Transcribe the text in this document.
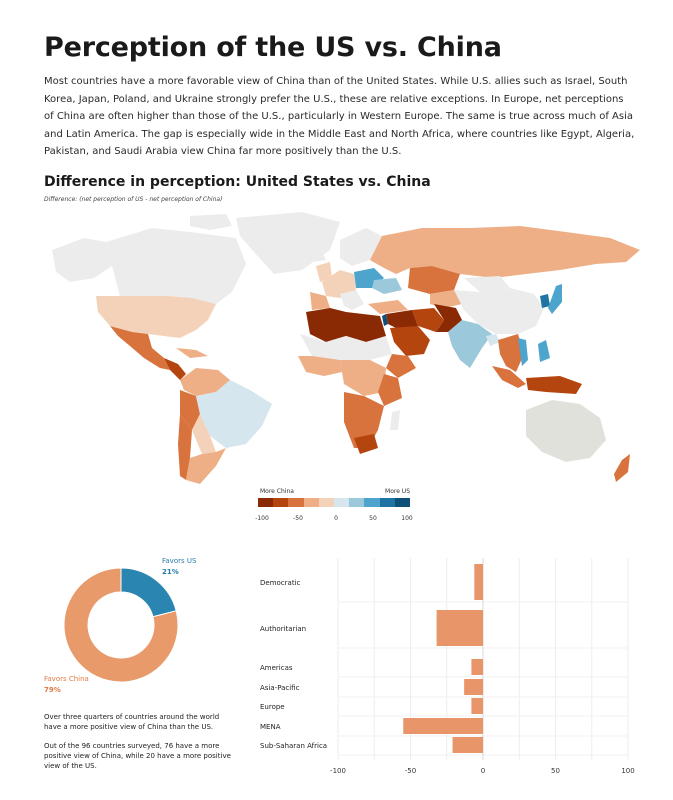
Perception of the US vs. China

Most countries have a more favorable view of China than of the United States. While U.S. allies such as Israel, South Korea, Japan, Poland, and Ukraine strongly prefer the U.S., these are relative exceptions. In Europe, net perceptions of China are often higher than those of the U.S., particularly in Western Europe. The same is true across much of Asia and Latin America. The gap is especially wide in the Middle East and North Africa, where countries like Egypt, Algeria, Pakistan, and Saudi Arabia view China far more positively than the U.S.

Difference in perception: United States vs. China

Difference: (net perception of US - net perception of China)

More China	More US
-100	-50	0	50	100
Favors US
21%
Favors China
79%

Over three quarters of countries around the world have a more positive view of China than the US.

Out of the 96 countries surveyed, 76 have a more positive view of China, while 20 have a more positive view of the US.

Democratic
Authoritarian
Americas
Asia-Pacific
Europe
MENA
Sub-Saharan Africa
-100	-50	0	50	100
